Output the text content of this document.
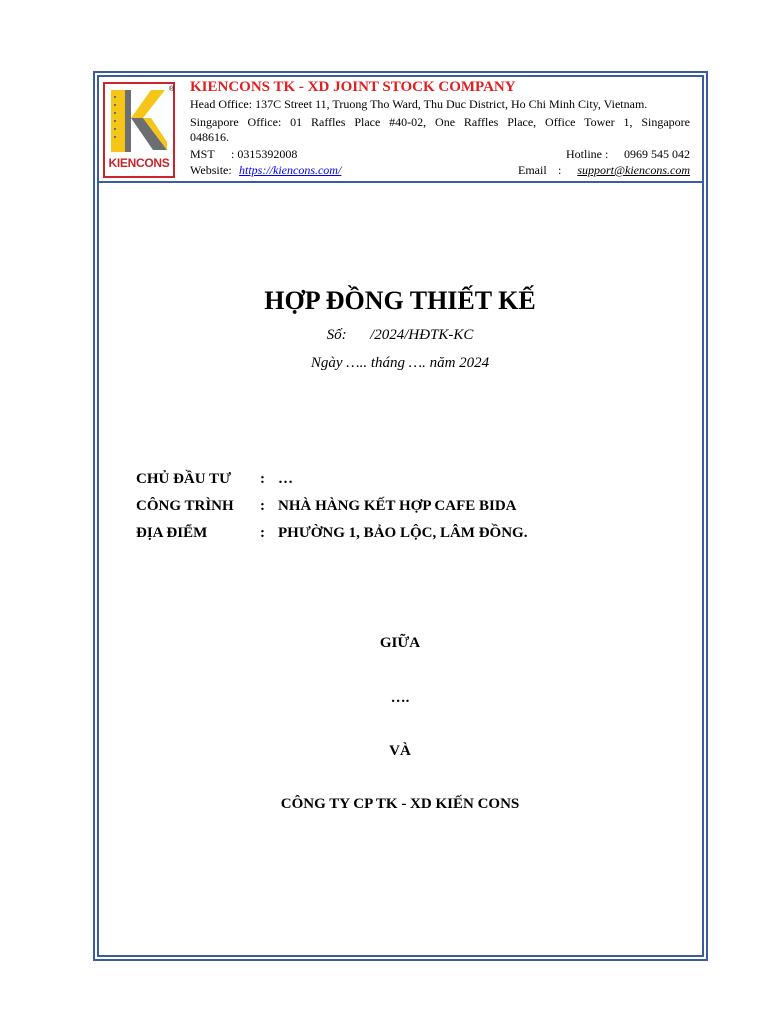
®
KIENCONS
KIENCONS TK - XD JOINT STOCK COMPANY
Head Office: 137C Street 11, Truong Tho Ward, Thu Duc District, Ho Chi Minh City, Vietnam.
Singapore Office: 01 Raffles Place #40-02, One Raffles Place, Office Tower 1, Singapore
048616.
MST : 0315392008	Hotline : 0969 545 042
Website: https://kiencons.com/	Email : support@kiencons.com
HỢP ĐỒNG THIẾT KẾ
Số: /2024/HĐTK-KC
Ngày ….. tháng …. năm 2024
CHỦ ĐẦU TƯ : …
CÔNG TRÌNH : NHÀ HÀNG KẾT HỢP CAFE BIDA
ĐỊA ĐIỂM	: PHƯỜNG 1, BẢO LỘC, LÂM ĐỒNG.
GIỮA
….
VÀ
CÔNG TY CP TK - XD KIẾN CONS
